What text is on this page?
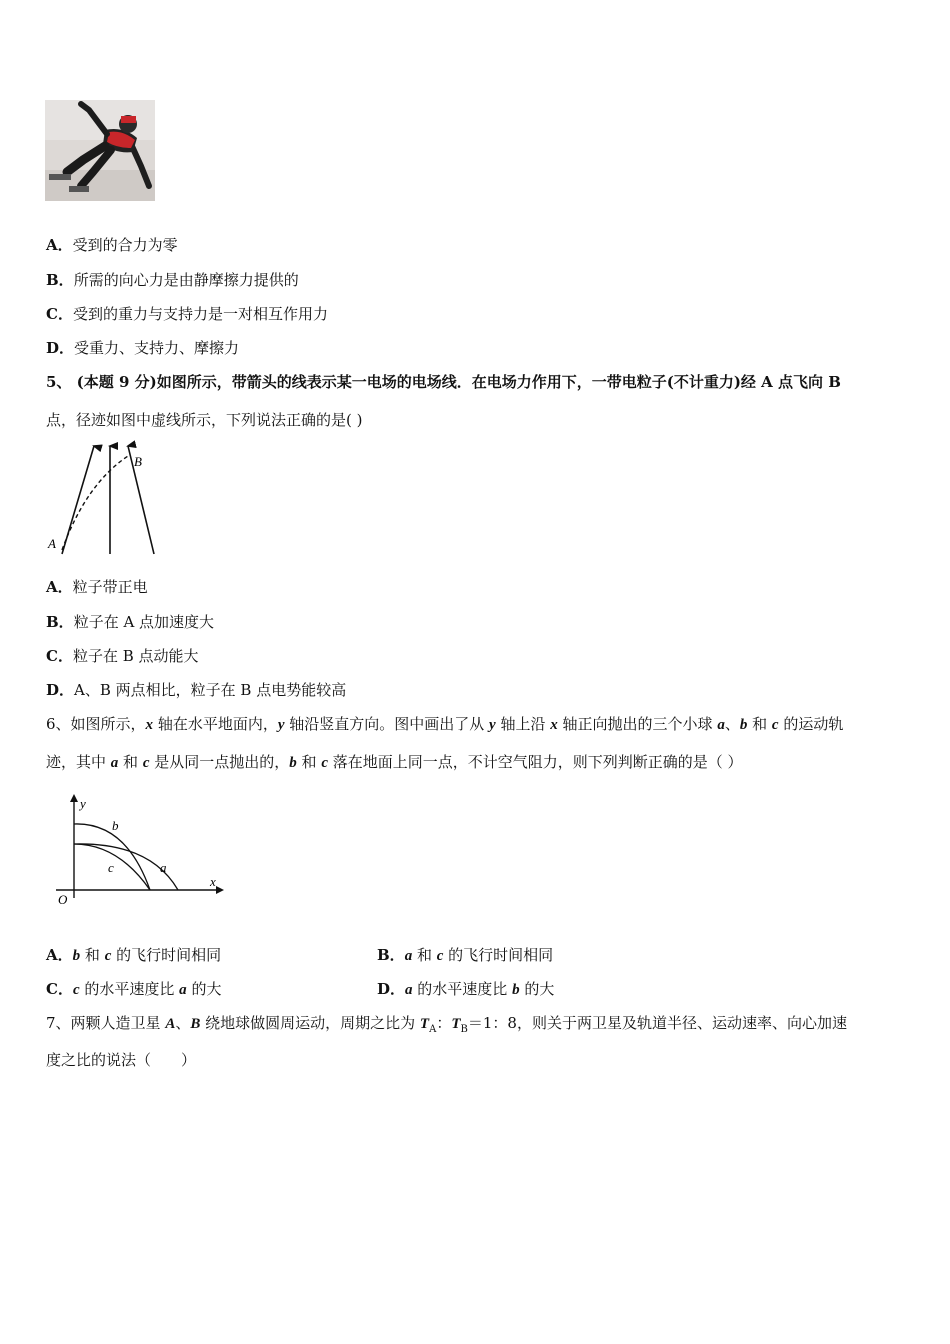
A．受到的合力为零
B．所需的向心力是由静摩擦力提供的
C．受到的重力与支持力是一对相互作用力
D．受重力、支持力、摩擦力
5、 (本题 9 分)如图所示，带箭头的线表示某一电场的电场线．在电场力作用下，一带电粒子(不计重力)经 A 点飞向 B
点，径迹如图中虚线所示，下列说法正确的是( )
A
B
A．粒子带正电
B．粒子在 A 点加速度大
C．粒子在 B 点动能大
D．A、B 两点相比，粒子在 B 点电势能较高
6、如图所示，x 轴在水平地面内，y 轴沿竖直方向。图中画出了从 y 轴上沿 x 轴正向抛出的三个小球 a、b 和 c 的运动轨
迹，其中 a 和 c 是从同一点抛出的，b 和 c 落在地面上同一点，不计空气阻力，则下列判断正确的是（ ）
y
x
O
b
a
c
A．b 和 c 的飞行时间相同	B．a 和 c 的飞行时间相同
C．c 的水平速度比 a 的大	D．a 的水平速度比 b 的大
7、两颗人造卫星 A、B 绕地球做圆周运动，周期之比为 $T_A$：$T_B=1$：8，则关于两卫星及轨道半径、运动速率、向心加速
度之比的说法（　　）
